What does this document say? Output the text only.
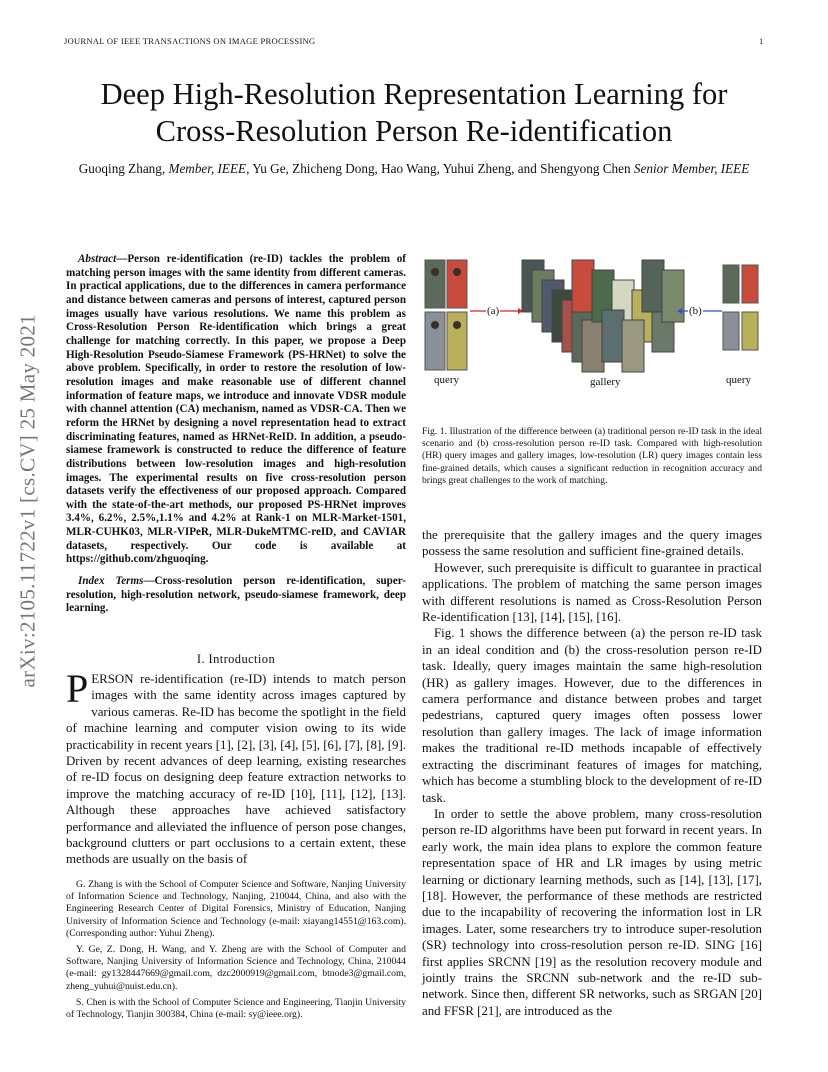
JOURNAL OF IEEE TRANSACTIONS ON IMAGE PROCESSING	1
arXiv:2105.11722v1 [cs.CV] 25 May 2021
Deep High-Resolution Representation Learning for
Cross-Resolution Person Re-identification
Guoqing Zhang, Member, IEEE, Yu Ge, Zhicheng Dong, Hao Wang, Yuhui Zheng, and Shengyong Chen Senior Member, IEEE

Abstract—Person re-identification (re-ID) tackles the problem of matching person images with the same identity from different cameras. In practical applications, due to the differences in camera performance and distance between cameras and persons of interest, captured person images usually have various resolutions. We name this problem as Cross-Resolution Person Re-identification which brings a great challenge for matching correctly. In this paper, we propose a Deep High-Resolution Pseudo-Siamese Framework (PS-HRNet) to solve the above problem. Specifically, in order to restore the resolution of low-resolution images and make reasonable use of different channel information of feature maps, we introduce and innovate VDSR module with channel attention (CA) mechanism, named as VDSR-CA. Then we reform the HRNet by designing a novel representation head to extract discriminating features, named as HRNet-ReID. In addition, a pseudo-siamese framework is constructed to reduce the difference of feature distributions between low-resolution images and high-resolution images. The experimental results on five cross-resolution person datasets verify the effectiveness of our proposed approach. Compared with the state-of-the-art methods, our proposed PS-HRNet improves 3.4%, 6.2%, 2.5%,1.1% and 4.2% at Rank-1 on MLR-Market-1501, MLR-CUHK03, MLR-VIPeR, MLR-DukeMTMC-reID, and CAVIAR datasets, respectively. Our code is available at https://github.com/zhguoqing.

Index Terms—Cross-resolution person re-identification, super-resolution, high-resolution network, pseudo-siamese framework, deep learning.

I. Introduction
PERSON re-identification (re-ID) intends to match person images with the same identity across images captured by various cameras. Re-ID has become the spotlight in the field of machine learning and computer vision owing to its wide practicability in recent years [1], [2], [3], [4], [5], [6], [7], [8], [9]. Driven by recent advances of deep learning, existing researches of re-ID focus on designing deep feature extraction networks to improve the matching accuracy of re-ID [10], [11], [12], [13]. Although these approaches have achieved satisfactory performance and alleviated the influence of person pose changes, background clutters or part occlusions to a certain extent, these methods are usually on the basis of

G. Zhang is with the School of Computer Science and Software, Nanjing University of Information Science and Technology, Nanjing, 210044, China, and also with the Engineering Research Center of Digital Forensics, Ministry of Education, Nanjing University of Information Science and Technology (e-mail: xiayang14551@163.com). (Corresponding author: Yuhui Zheng).

Y. Ge, Z. Dong, H. Wang, and Y. Zheng are with the School of Computer and Software, Nanjing University of Information Science and Technology, China, 210044 (e-mail: gy1328447669@gmail.com, dzc2000919@gmail.com, btnode3@gmail.com, zheng_yuhui@nuist.edu.cn).

S. Chen is with the School of Computer Science and Engineering, Tianjin University of Technology, Tianjin 300384, China (e-mail: sy@ieee.org).

(a)	(b)
query	gallery	query

Fig. 1. Illustration of the difference between (a) traditional person re-ID task in the ideal scenario and (b) cross-resolution person re-ID task. Compared with high-resolution (HR) query images and gallery images, low-resolution (LR) query images contain less fine-grained details, which causes a significant reduction in recognition accuracy and brings great challenges to the work of matching.

the prerequisite that the gallery images and the query images possess the same resolution and sufficient fine-grained details.

However, such prerequisite is difficult to guarantee in practical applications. The problem of matching the same person images with different resolutions is named as Cross-Resolution Person Re-identification [13], [14], [15], [16].

Fig. 1 shows the difference between (a) the person re-ID task in an ideal condition and (b) the cross-resolution person re-ID task. Ideally, query images maintain the same high-resolution (HR) as gallery images. However, due to the differences in camera performance and distance between probes and target pedestrians, captured query images often possess lower resolution than gallery images. The lack of image information makes the traditional re-ID methods incapable of effectively extracting the discriminant features of images for matching, which has become a stumbling block to the development of re-ID task.

In order to settle the above problem, many cross-resolution person re-ID algorithms have been put forward in recent years. In early work, the main idea plans to explore the common feature representation space of HR and LR images by using metric learning or dictionary learning methods, such as [14], [13], [17], [18]. However, the performance of these methods are restricted due to the incapability of recovering the information lost in LR images. Later, some researchers try to introduce super-resolution (SR) technology into cross-resolution person re-ID. SING [16] first applies SRCNN [19] as the resolution recovery module and jointly trains the SRCNN sub-network and the re-ID sub-network. Since then, different SR networks, such as SRGAN [20] and FFSR [21], are introduced as the
